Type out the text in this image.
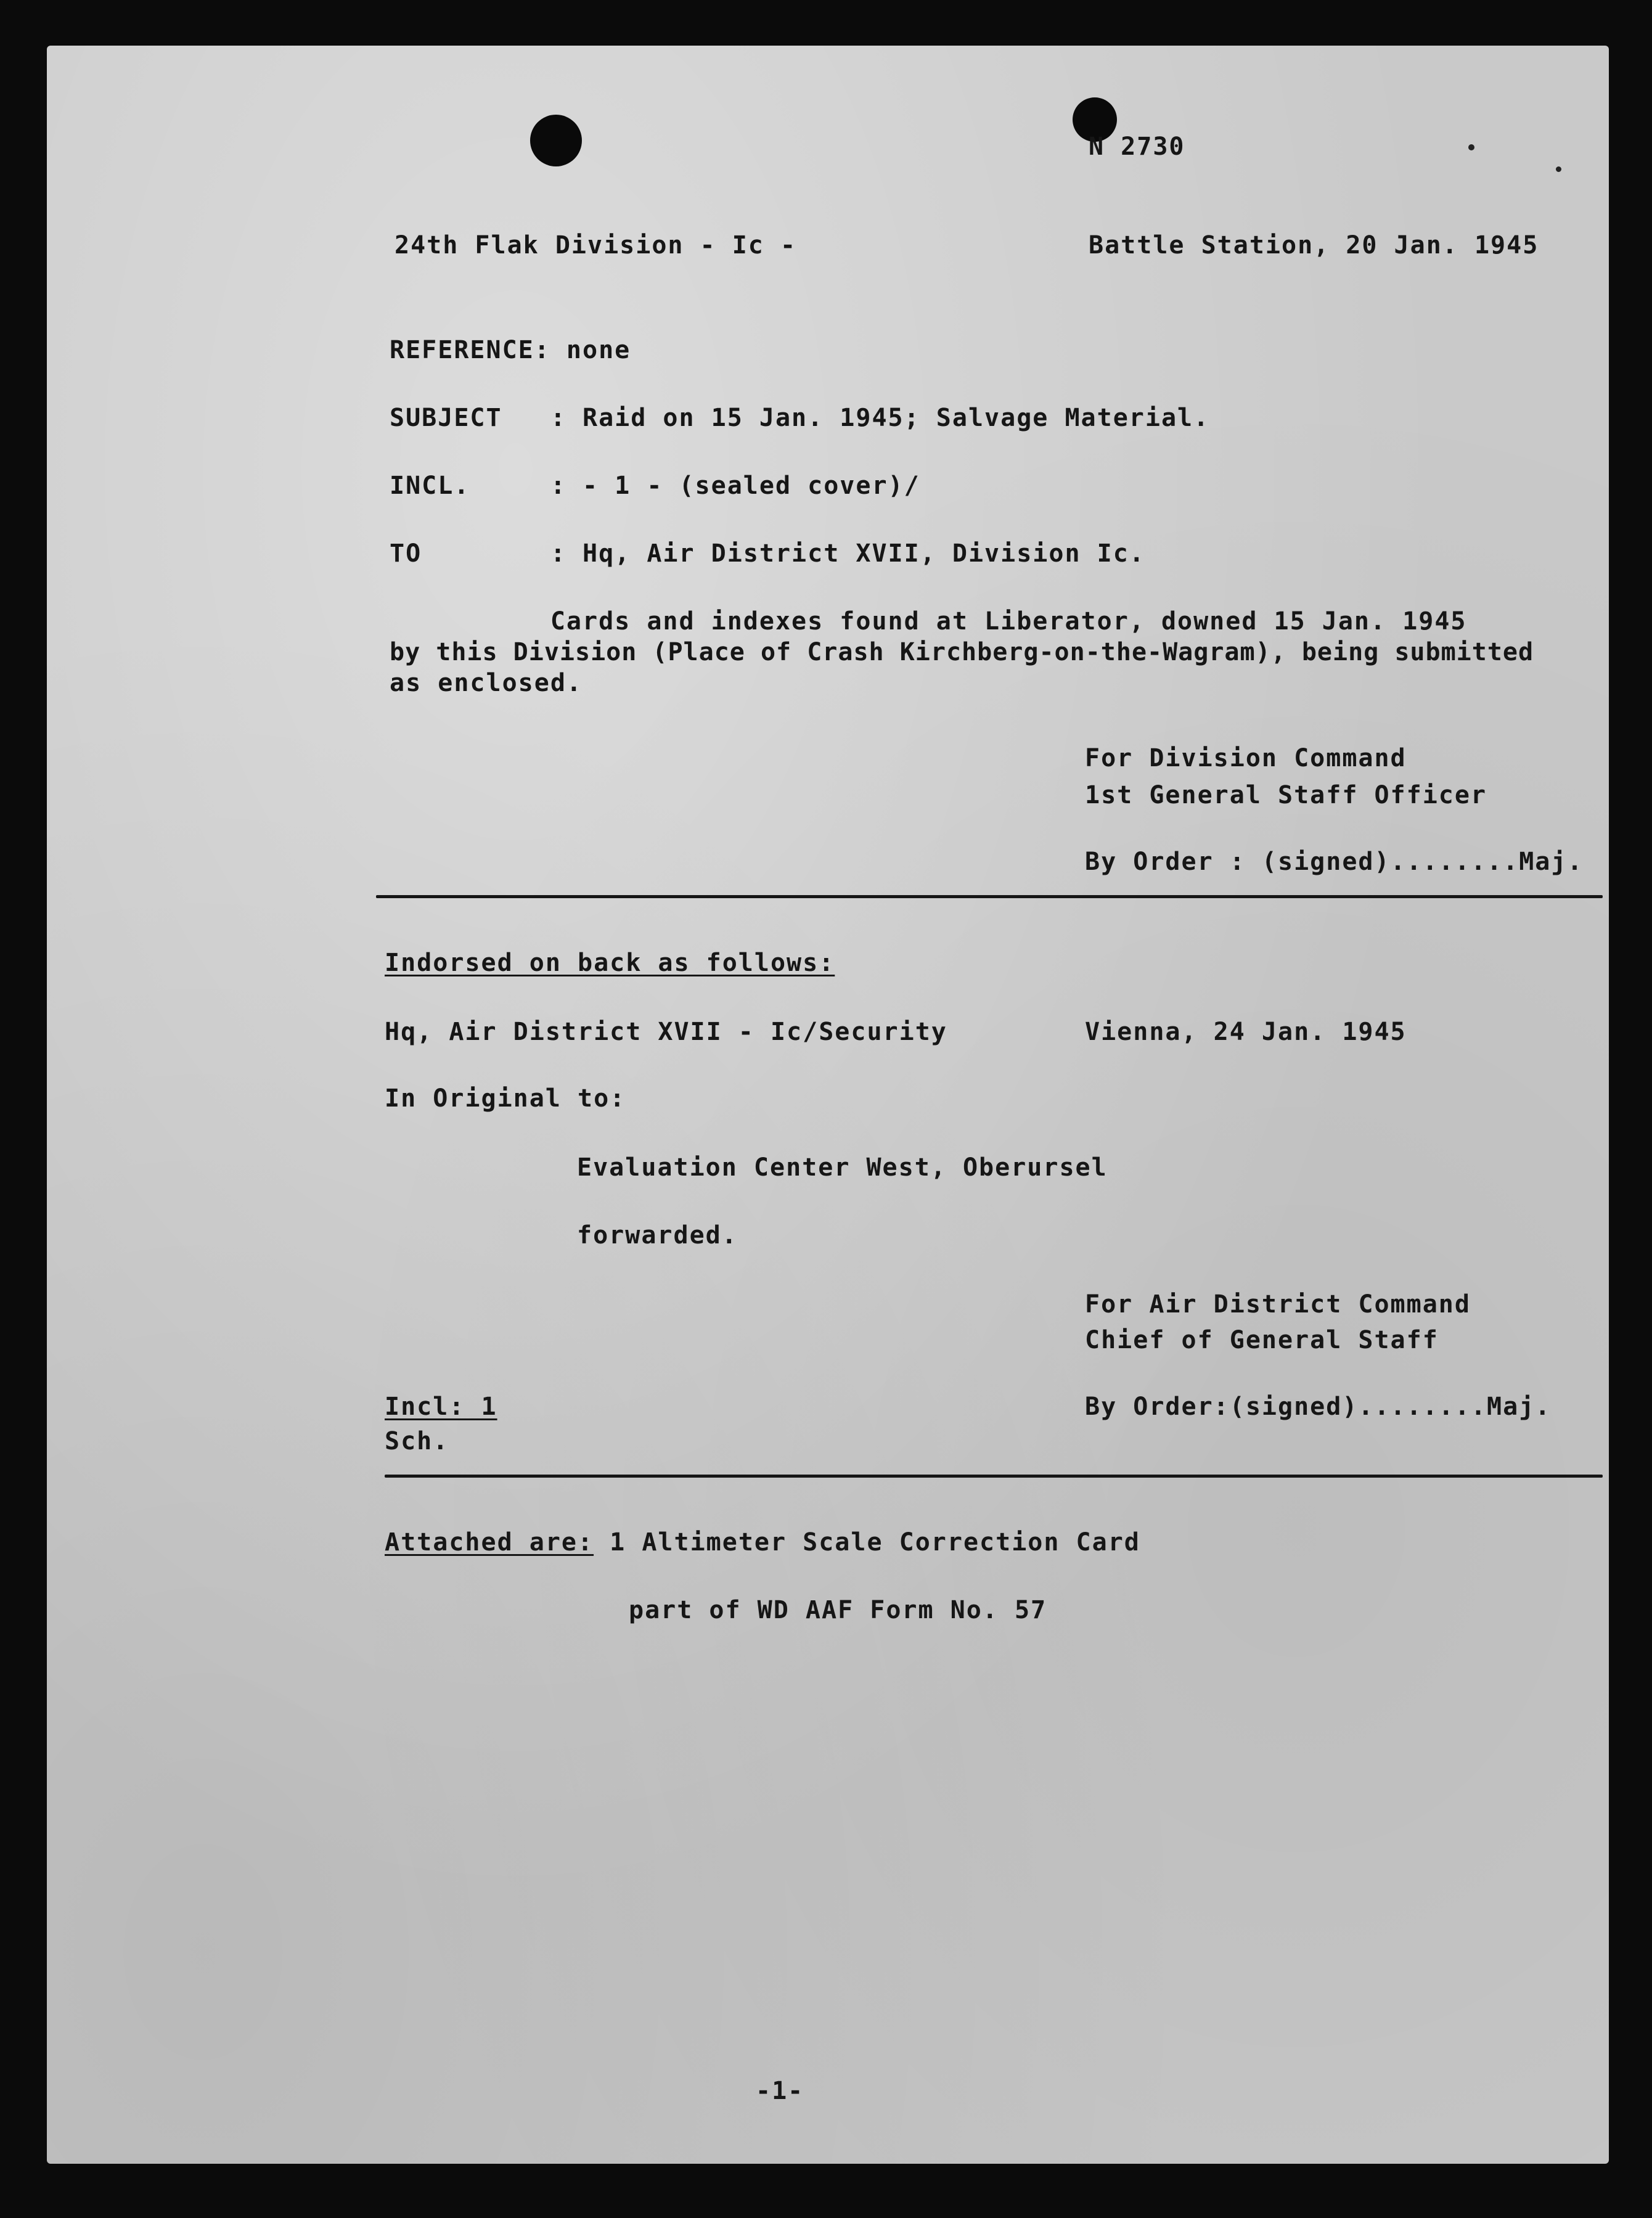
N 2730
24th Flak Division - Ic -	Battle Station, 20 Jan. 1945
REFERENCE: none
SUBJECT   : Raid on 15 Jan. 1945; Salvage Material.
INCL.     : - 1 - (sealed cover)/
TO        : Hq, Air District XVII, Division Ic.
Cards and indexes found at Liberator, downed 15 Jan. 1945
by this Division (Place of Crash Kirchberg-on-the-Wagram), being submitted
as enclosed.
For Division Command
1st General Staff Officer
By Order : (signed)........Maj.
Indorsed on back as follows:
Hq, Air District XVII - Ic/Security	Vienna, 24 Jan. 1945
In Original to:
Evaluation Center West, Oberursel
forwarded.
For Air District Command
Chief of General Staff
Incl: 1
Sch.
By Order:(signed)........Maj.
Attached are: 1 Altimeter Scale Correction Card
part of WD AAF Form No. 57
-1-
